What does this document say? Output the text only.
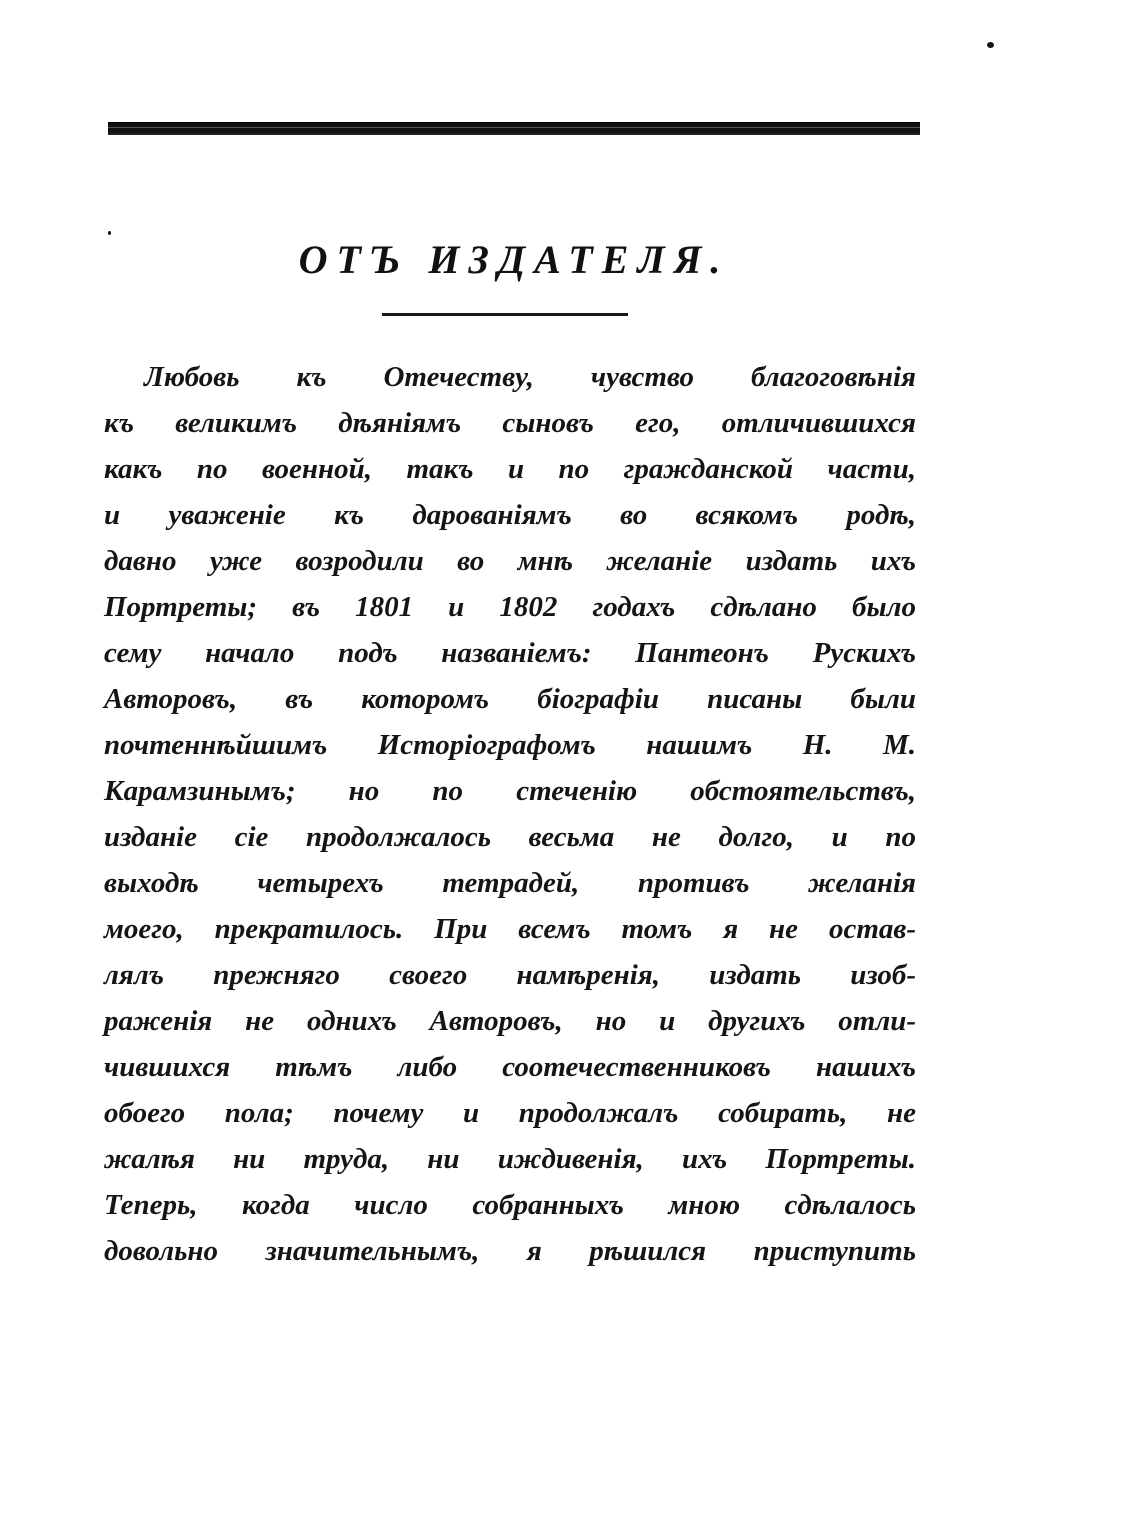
ОТЪ ИЗДАТЕЛЯ.
Любовь къ Отечеству, чувство благоговѣнія
къ великимъ дѣяніямъ сыновъ его, отличившихся
какъ по военной, такъ и по гражданской части,
и уваженіе къ дарованіямъ во всякомъ родѣ,
давно уже возродили во мнѣ желаніе издать ихъ
Портреты; въ 1801 и 1802 годахъ сдѣлано было
сему начало подъ названіемъ: Пантеонъ Рускихъ
Авторовъ, въ которомъ біографіи писаны были
почтеннѣйшимъ Исторіографомъ нашимъ Н. М.
Карамзинымъ; но по стеченію обстоятельствъ,
изданіе сіе продолжалось весьма не долго, и по
выходѣ четырехъ тетрадей, противъ желанія
моего, прекратилось. При всемъ томъ я не остав-
лялъ прежняго своего намѣренія, издать изоб-
раженія не однихъ Авторовъ, но и другихъ отли-
чившихся тѣмъ либо соотечественниковъ нашихъ
обоего пола; почему и продолжалъ собирать, не
жалѣя ни труда, ни иждивенія, ихъ Портреты.
Теперь, когда число собранныхъ мною сдѣлалось
довольно значительнымъ, я рѣшился приступить
